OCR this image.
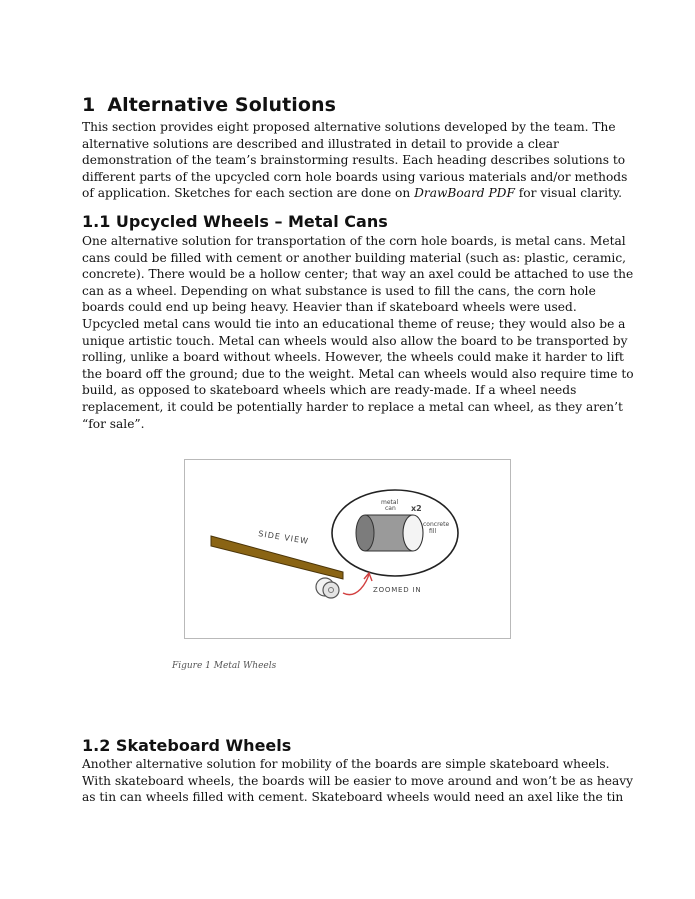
1 Alternative Solutions
This section provides eight proposed alternative solutions developed by the team. The
alternative solutions are described and illustrated in detail to provide a clear
demonstration of the team’s brainstorming results. Each heading describes solutions to
different parts of the upcycled corn hole boards using various materials and/or methods
of application. Sketches for each section are done on DrawBoard PDF for visual clarity.
1.1 Upcycled Wheels – Metal Cans
One alternative solution for transportation of the corn hole boards, is metal cans. Metal
cans could be filled with cement or another building material (such as: plastic, ceramic,
concrete). There would be a hollow center; that way an axel could be attached to use the
can as a wheel. Depending on what substance is used to fill the cans, the corn hole
boards could end up being heavy. Heavier than if skateboard wheels were used.
Upcycled metal cans would tie into an educational theme of reuse; they would also be a
unique artistic touch. Metal can wheels would also allow the board to be transported by
rolling, unlike a board without wheels. However, the wheels could make it harder to lift
the board off the ground; due to the weight. Metal can wheels would also require time to
build, as opposed to skateboard wheels which are ready-made. If a wheel needs
replacement, it could be potentially harder to replace a metal can wheel, as they aren’t
“for sale”.
SIDE VIEW
metal
can x2
concrete
fill
ZOOMED IN
Figure 1 Metal Wheels
1.2 Skateboard Wheels
Another alternative solution for mobility of the boards are simple skateboard wheels.
With skateboard wheels, the boards will be easier to move around and won’t be as heavy
as tin can wheels filled with cement. Skateboard wheels would need an axel like the tin
